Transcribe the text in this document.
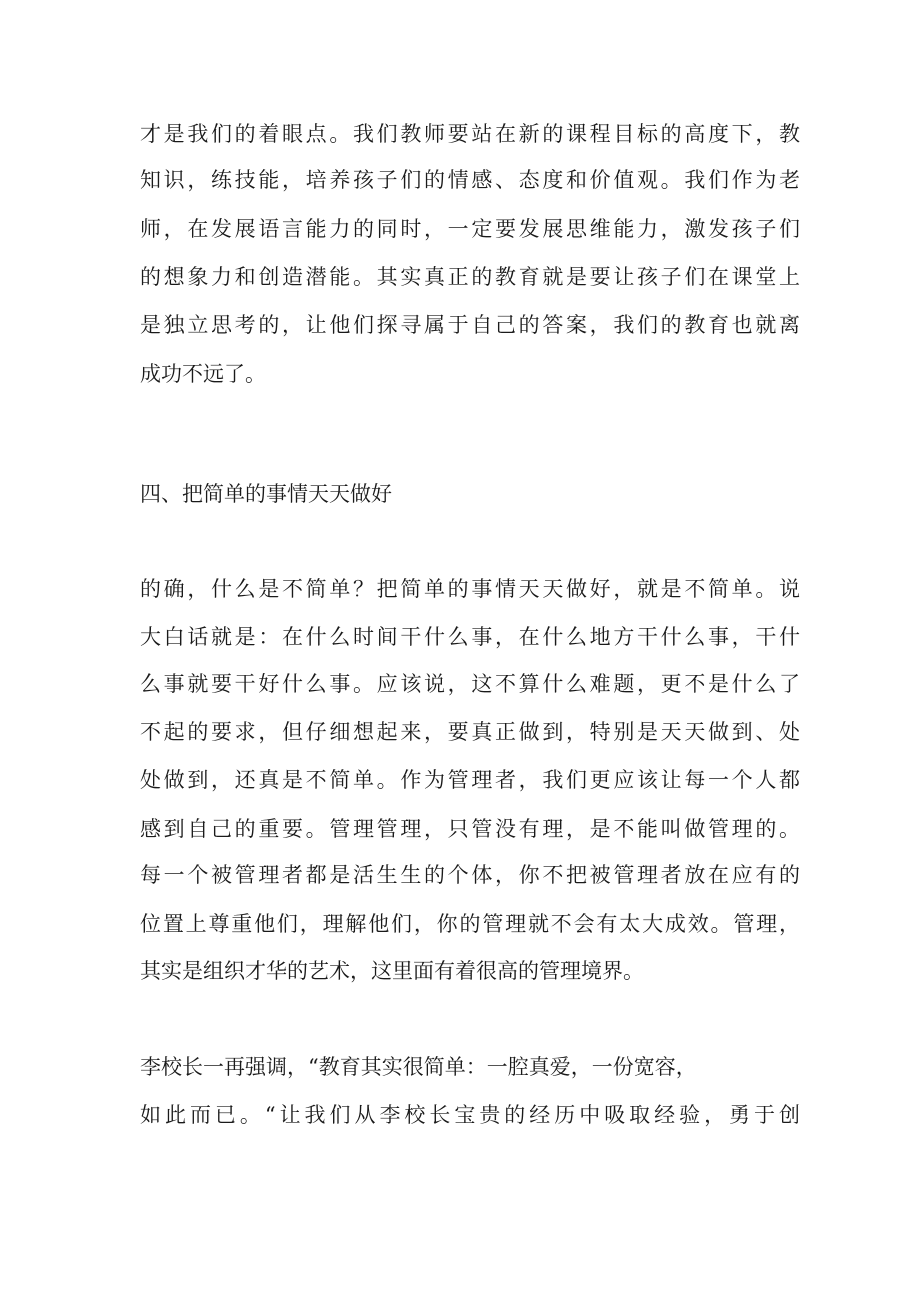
才是我们的着眼点。我们教师要站在新的课程目标的高度下，教

知识，练技能，培养孩子们的情感、态度和价值观。我们作为老

师，在发展语言能力的同时，一定要发展思维能力，激发孩子们

的想象力和创造潜能。其实真正的教育就是要让孩子们在课堂上

是独立思考的，让他们探寻属于自己的答案，我们的教育也就离

成功不远了。

四、把简单的事情天天做好

的确，什么是不简单？把简单的事情天天做好，就是不简单。说

大白话就是：在什么时间干什么事，在什么地方干什么事，干什

么事就要干好什么事。应该说，这不算什么难题，更不是什么了

不起的要求，但仔细想起来，要真正做到，特别是天天做到、处

处做到，还真是不简单。作为管理者，我们更应该让每一个人都

感到自己的重要。管理管理，只管没有理，是不能叫做管理的。

每一个被管理者都是活生生的个体，你不把被管理者放在应有的

位置上尊重他们，理解他们，你的管理就不会有太大成效。管理，

其实是组织才华的艺术，这里面有着很高的管理境界。

李校长一再强调，“教育其实很简单：一腔真爱，一份宽容，

如此而已。“让我们从李校长宝贵的经历中吸取经验，勇于创
